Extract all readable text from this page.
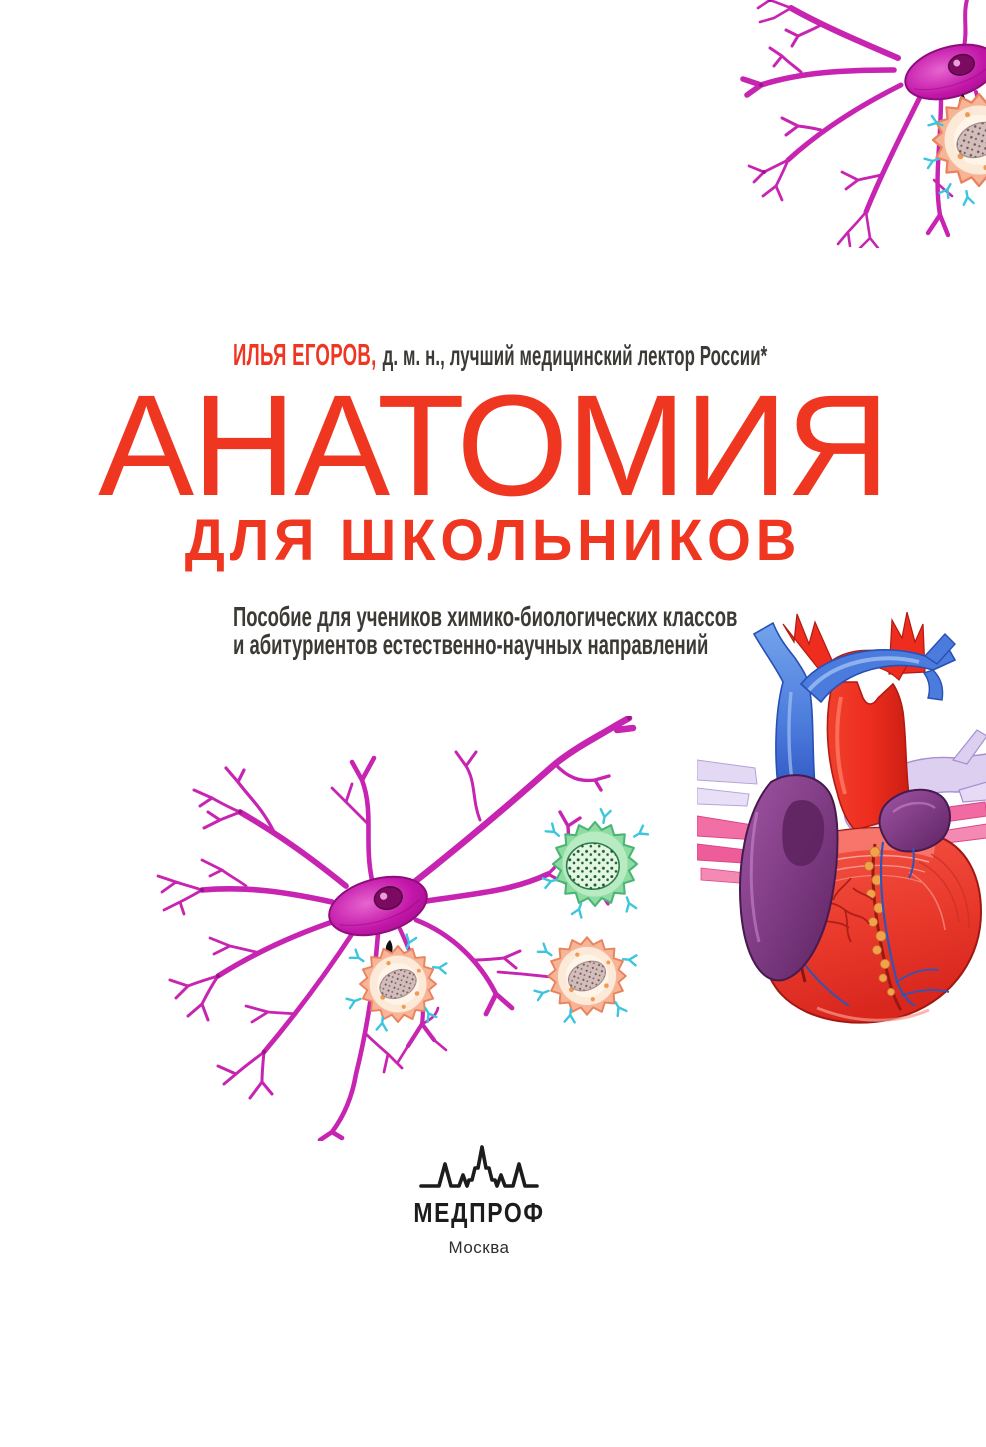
ИЛЬЯ ЕГОРОВ, д. м. н., лучший медицинский лектор России*
АНАТОМИЯ
ДЛЯ ШКОЛЬНИКОВ
Пособие для учеников химико-биологических классов
и абитуриентов естественно-научных направлений
МЕДПРОФ
Москва
